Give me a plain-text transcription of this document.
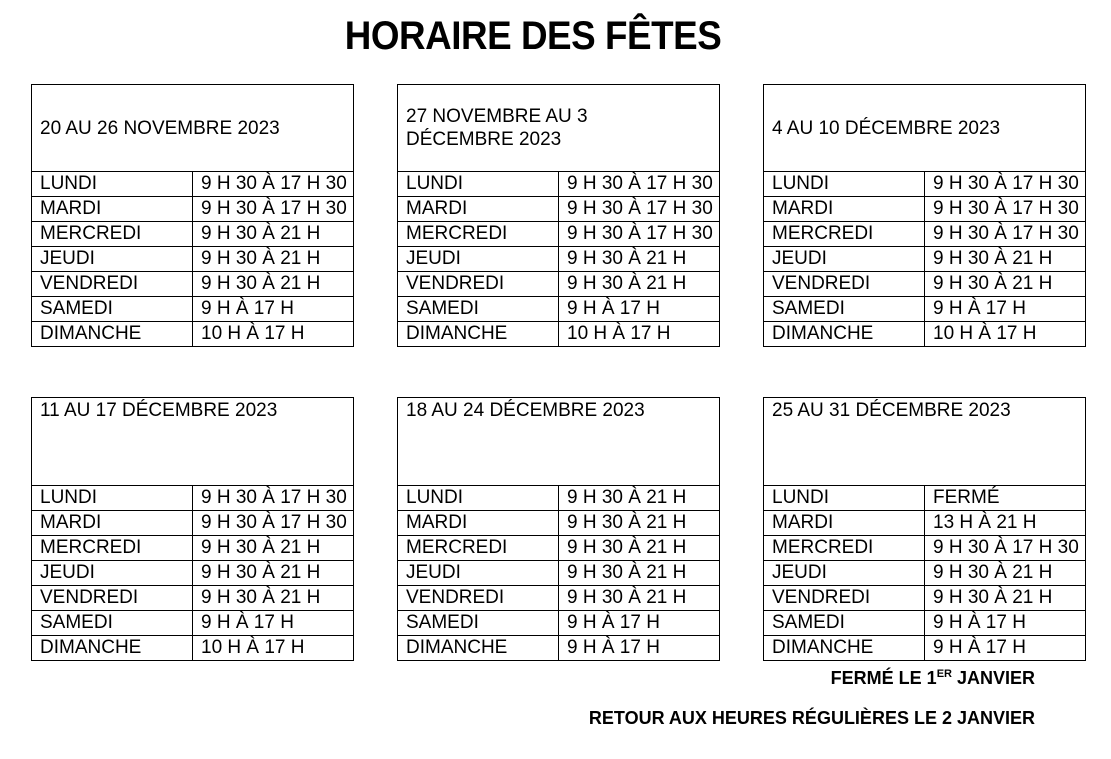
HORAIRE DES FÊTES
20 AU 26 NOVEMBRE 2023	
LUNDI	9 H 30 À 17 H 30
MARDI	9 H 30 À 17 H 30
MERCREDI	9 H 30 À 21 H
JEUDI	9 H 30 À 21 H
VENDREDI	9 H 30 À 21 H
SAMEDI	9 H À 17 H
DIMANCHE	10 H À 17 H
27 NOVEMBRE AU 3 DÉCEMBRE 2023	
LUNDI	9 H 30 À 17 H 30
MARDI	9 H 30 À 17 H 30
MERCREDI	9 H 30 À 17 H 30
JEUDI	9 H 30 À 21 H
VENDREDI	9 H 30 À 21 H
SAMEDI	9 H À 17 H
DIMANCHE	10 H À 17 H
4 AU 10 DÉCEMBRE 2023	
LUNDI	9 H 30 À 17 H 30
MARDI	9 H 30 À 17 H 30
MERCREDI	9 H 30 À 17 H 30
JEUDI	9 H 30 À 21 H
VENDREDI	9 H 30 À 21 H
SAMEDI	9 H À 17 H
DIMANCHE	10 H À 17 H
11 AU 17 DÉCEMBRE 2023	
LUNDI	9 H 30 À 17 H 30
MARDI	9 H 30 À 17 H 30
MERCREDI	9 H 30 À 21 H
JEUDI	9 H 30 À 21 H
VENDREDI	9 H 30 À 21 H
SAMEDI	9 H À 17 H
DIMANCHE	10 H À 17 H
18 AU 24 DÉCEMBRE 2023	
LUNDI	9 H 30 À 21 H
MARDI	9 H 30 À 21 H
MERCREDI	9 H 30 À 21 H
JEUDI	9 H 30 À 21 H
VENDREDI	9 H 30 À 21 H
SAMEDI	9 H À 17 H
DIMANCHE	9 H À 17 H
25 AU 31 DÉCEMBRE 2023	
LUNDI	FERMÉ
MARDI	13 H À 21 H
MERCREDI	9 H 30 À 17 H 30
JEUDI	9 H 30 À 21 H
VENDREDI	9 H 30 À 21 H
SAMEDI	9 H À 17 H
DIMANCHE	9 H À 17 H

FERMÉ LE 1ER JANVIER

RETOUR AUX HEURES RÉGULIÈRES LE 2 JANVIER
